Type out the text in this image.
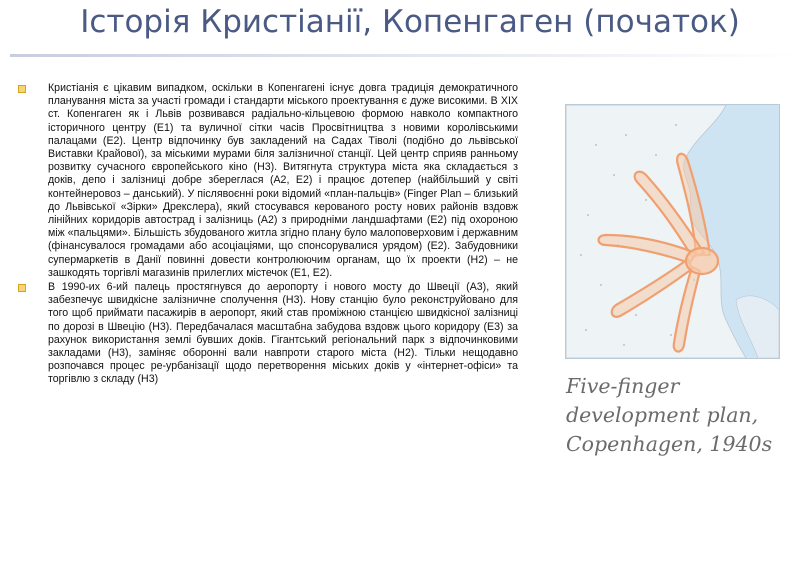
Історія Кристіанії, Копенгаген (початок)

Кристіанія є цікавим випадком, оскільки в Копенгагені існує довга традиція демократичного планування міста за участі громади і стандарти міського проектування є дуже високими. В XIX ст. Копенгаген як і Львів розвивався радіально-кільцевою формою навколо компактного історичного центру (Е1) та вуличної сітки часів Просвітництва з новими королівськими палацами (Е2). Центр відпочинку був закладений на Садах Тіволі (подібно до львівської Виставки Крайової), за міськими мурами біля залізничної станції. Цей центр сприяв ранньому розвитку сучасного європейського кіно (Н3). Витягнута структура міста яка складається з доків, депо і залізниці добре збереглася (А2, Е2) і працює дотепер (найбільший у світі контейнеровоз – данський). У післявоєнні роки відомий «план-пальців» (Finger Plan – близький до Львівської «Зірки» Дрекслера), який стосувався керованого росту нових районів вздовж лінійних коридорів автострад і залізниць (А2) з природніми ландшафтами (Е2) під охороною між «пальцями». Більшість збудованого житла згідно плану було малоповерховим і державним (фінансувалося громадами або асоціаціями, що спонсорувалися урядом) (Е2). Забудовники супермаркетів в Данії повинні довести контролюючим органам, що їх проекти (Н2) – не зашкодять торгівлі магазинів прилеглих містечок (Е1, Е2).

В 1990-их 6-ий палець простягнувся до аеропорту і нового мосту до Швеції (А3), який забезпечує швидкісне залізничне сполучення (Н3). Нову станцію було реконструйовано для того щоб приймати пасажирів в аеропорт, який став проміжною станцією швидкісної залізниці по дорозі в Швецію (Н3). Передбачалася масштабна забудова вздовж цього коридору (Е3) за рахунок використання землі бувших доків. Гігантський регіональний парк з відпочинковими закладами (Н3), заміняє оборонні вали навпроти старого міста (Н2). Тільки нещодавно розпочався процес ре-урбанізації щодо перетворення міських доків у «інтернет-офіси» та торгівлю з складу (Н3)	Five-finger
development plan,
Copenhagen, 1940s
